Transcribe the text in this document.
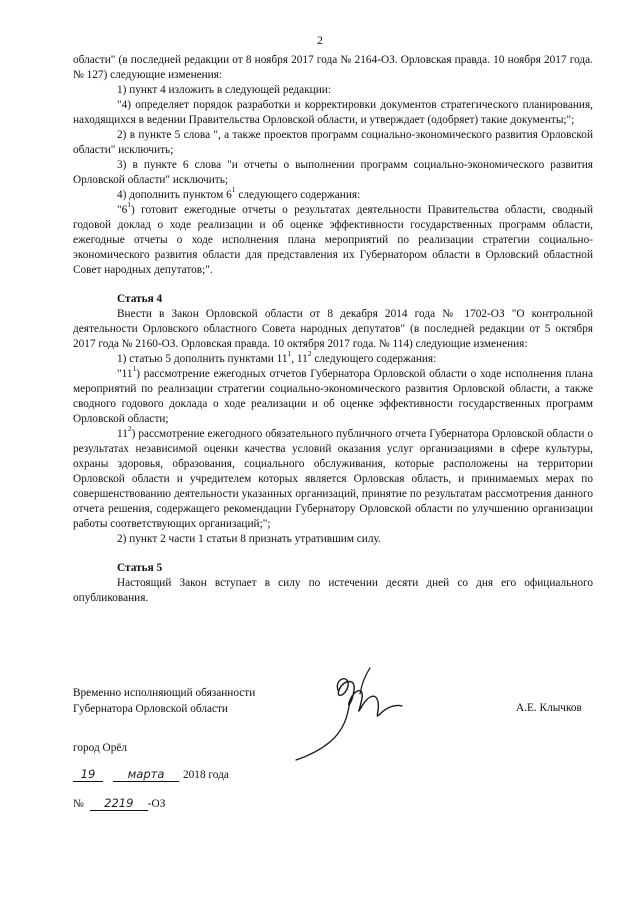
2

области" (в последней редакции от 8 ноября 2017 года № 2164-ОЗ. Орловская правда. 10 ноября 2017 года. № 127) следующие изменения:

1) пункт 4 изложить в следующей редакции:

"4) определяет порядок разработки и корректировки документов стратегического планирования, находящихся в ведении Правительства Орловской области, и утверждает (одобряет) такие документы;";

2) в пункте 5 слова ", а также проектов программ социально-экономического развития Орловской области" исключить;

3) в пункте 6 слова "и отчеты о выполнении программ социально-экономического развития Орловской области" исключить;

4) дополнить пунктом $6^1$ следующего содержания:

"$6^1$) готовит ежегодные отчеты о результатах деятельности Правительства области, сводный годовой доклад о ходе реализации и об оценке эффективности государственных программ области, ежегодные отчеты о ходе исполнения плана мероприятий по реализации стратегии социально-экономического развития области для представления их Губернатором области в Орловский областной Совет народных депутатов;".

Статья 4

Внести в Закон Орловской области от 8 декабря 2014 года № 1702-ОЗ "О контрольной деятельности Орловского областного Совета народных депутатов" (в последней редакции от 5 октября 2017 года № 2160-ОЗ. Орловская правда. 10 октября 2017 года. № 114) следующие изменения:

1) статью 5 дополнить пунктами $11^1$, $11^2$ следующего содержания:

"$11^1$) рассмотрение ежегодных отчетов Губернатора Орловской области о ходе исполнения плана мероприятий по реализации стратегии социально-экономического развития Орловской области, а также сводного годового доклада о ходе реализации и об оценке эффективности государственных программ Орловской области;

$11^2$) рассмотрение ежегодного обязательного публичного отчета Губернатора Орловской области о результатах независимой оценки качества условий оказания услуг организациями в сфере культуры, охраны здоровья, образования, социального обслуживания, которые расположены на территории Орловской области и учредителем которых является Орловская область, и принимаемых мерах по совершенствованию деятельности указанных организаций, принятие по результатам рассмотрения данного отчета решения, содержащего рекомендации Губернатору Орловской области по улучшению организации работы соответствующих организаций;";

2) пункт 2 части 1 статьи 8 признать утратившим силу.

Статья 5

Настоящий Закон вступает в силу по истечении десяти дней со дня его официального опубликования.

Временно исполняющий обязанности
Губернатора Орловской области	А.Е. Клычков
город Орёл
19	марта 2018 года
№ 2219 -ОЗ
